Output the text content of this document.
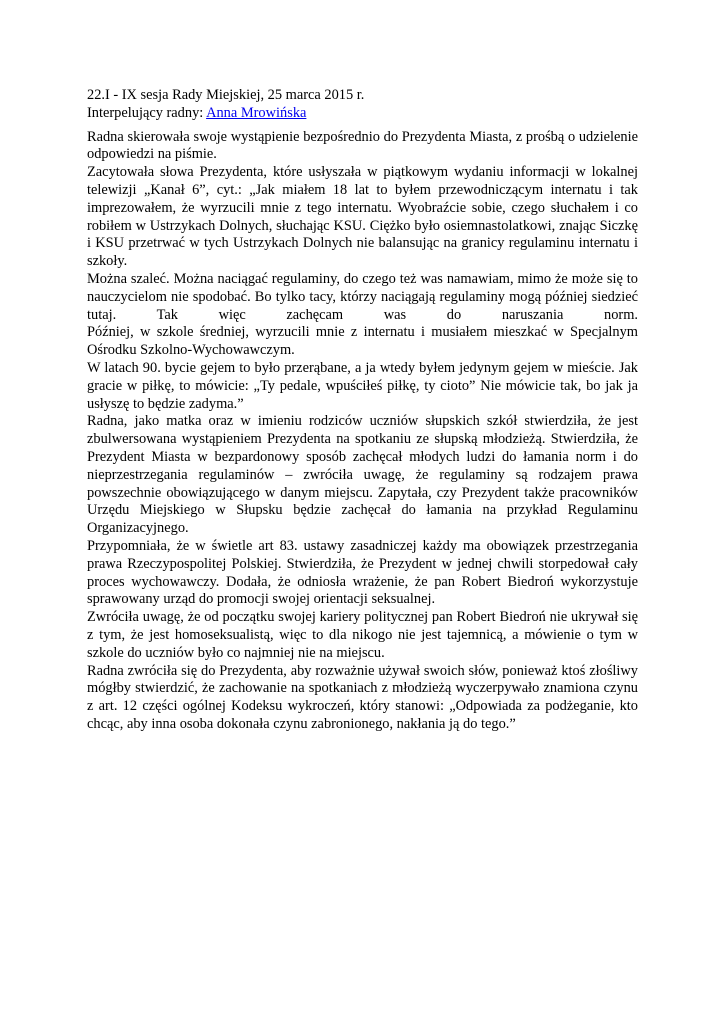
22.I - IX sesja Rady Miejskiej, 25 marca 2015 r.

Interpelujący radny: Anna Mrowińska

Radna skierowała swoje wystąpienie bezpośrednio do Prezydenta Miasta, z prośbą o udzielenie odpowiedzi na piśmie.

Zacytowała słowa Prezydenta, które usłyszała w piątkowym wydaniu informacji w lokalnej telewizji „Kanał 6”, cyt.: „Jak miałem 18 lat to byłem przewodniczącym internatu i tak imprezowałem, że wyrzucili mnie z tego internatu. Wyobraźcie sobie, czego słuchałem i co robiłem w Ustrzykach Dolnych, słuchając KSU. Ciężko było osiemnastolatkowi, znając Siczkę i KSU przetrwać w tych Ustrzykach Dolnych nie balansując na granicy regulaminu internatu i szkoły.

Można szaleć. Można naciągać regulaminy, do czego też was namawiam, mimo że może się to nauczycielom nie spodobać. Bo tylko tacy, którzy naciągają regulaminy mogą później siedzieć tutaj. Tak więc zachęcam was do naruszania norm.

Później, w szkole średniej, wyrzucili mnie z internatu i musiałem mieszkać w Specjalnym Ośrodku Szkolno-Wychowawczym.

W latach 90. bycie gejem to było przerąbane, a ja wtedy byłem jedynym gejem w mieście. Jak gracie w piłkę, to mówicie: „Ty pedale, wpuściłeś piłkę, ty cioto” Nie mówicie tak, bo jak ja usłyszę to będzie zadyma.”

Radna, jako matka oraz w imieniu rodziców uczniów słupskich szkół stwierdziła, że jest zbulwersowana wystąpieniem Prezydenta na spotkaniu ze słupską młodzieżą. Stwierdziła, że Prezydent Miasta w bezpardonowy sposób zachęcał młodych ludzi do łamania norm i do nieprzestrzegania regulaminów – zwróciła uwagę, że regulaminy są rodzajem prawa powszechnie obowiązującego w danym miejscu. Zapytała, czy Prezydent także pracowników Urzędu Miejskiego w Słupsku będzie zachęcał do łamania na przykład Regulaminu Organizacyjnego.

Przypomniała, że w świetle art 83. ustawy zasadniczej każdy ma obowiązek przestrzegania prawa Rzeczypospolitej Polskiej. Stwierdziła, że Prezydent w jednej chwili storpedował cały proces wychowawczy. Dodała, że odniosła wrażenie, że pan Robert Biedroń wykorzystuje sprawowany urząd do promocji swojej orientacji seksualnej.

Zwróciła uwagę, że od początku swojej kariery politycznej pan Robert Biedroń nie ukrywał się z tym, że jest homoseksualistą, więc to dla nikogo nie jest tajemnicą, a mówienie o tym w szkole do uczniów było co najmniej nie na miejscu.

Radna zwróciła się do Prezydenta, aby rozważnie używał swoich słów, ponieważ ktoś złośliwy mógłby stwierdzić, że zachowanie na spotkaniach z młodzieżą wyczerpywało znamiona czynu z art. 12 części ogólnej Kodeksu wykroczeń, który stanowi: „Odpowiada za podżeganie, kto chcąc, aby inna osoba dokonała czynu zabronionego, nakłania ją do tego.”
